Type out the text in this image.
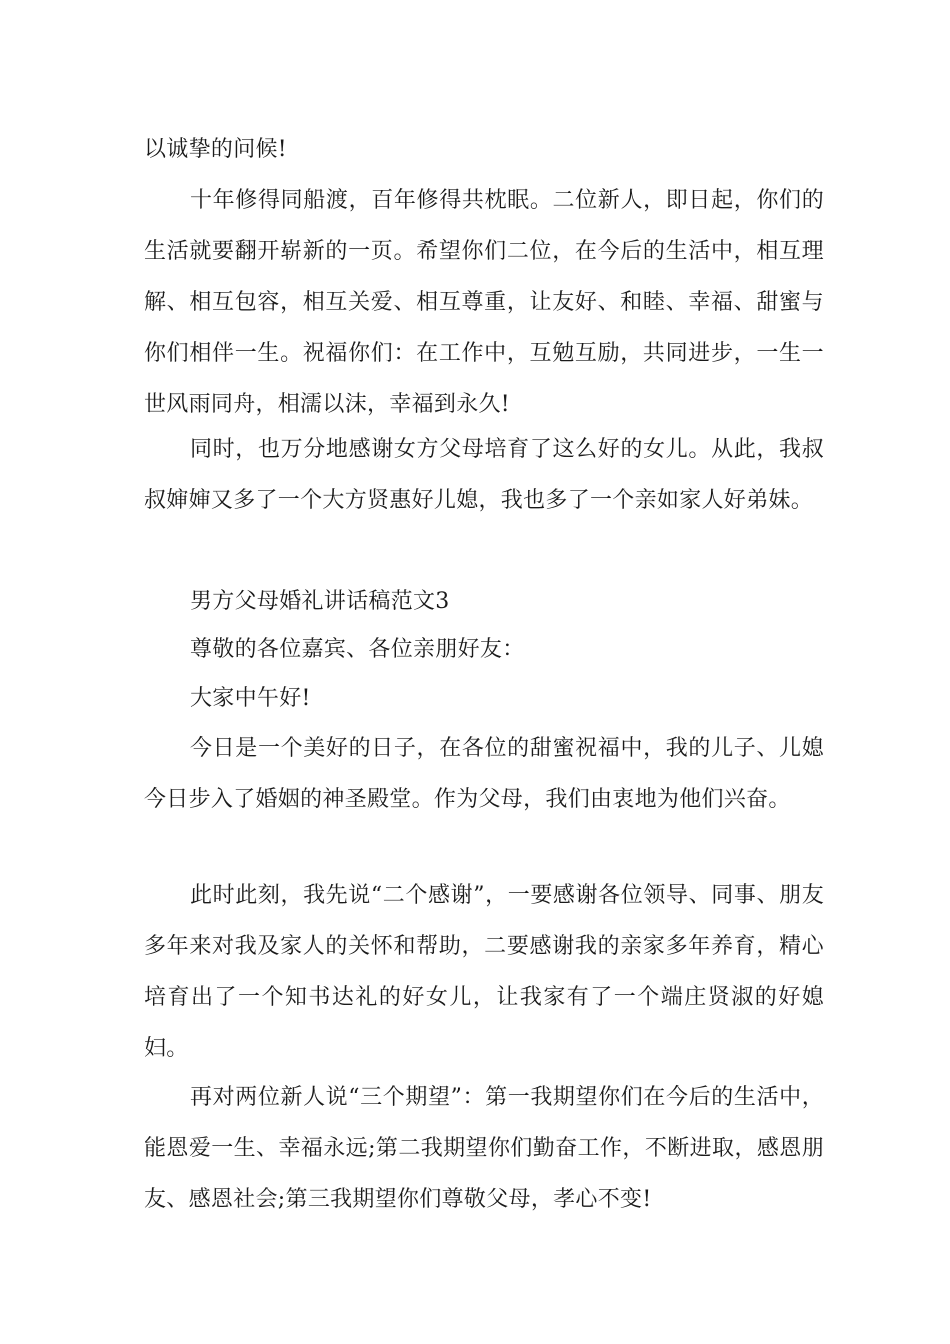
以诚挚的问候!

十年修得同船渡，百年修得共枕眠。二位新人，即日起，你们的生活就要翻开崭新的一页。希望你们二位，在今后的生活中，相互理解、相互包容，相互关爱、相互尊重，让友好、和睦、幸福、甜蜜与你们相伴一生。祝福你们：在工作中，互勉互励，共同进步，一生一世风雨同舟，相濡以沫，幸福到永久!

同时，也万分地感谢女方父母培育了这么好的女儿。从此，我叔叔婶婶又多了一个大方贤惠好儿媳，我也多了一个亲如家人好弟妹。

男方父母婚礼讲话稿范文3

尊敬的各位嘉宾、各位亲朋好友：

大家中午好!

今日是一个美好的日子，在各位的甜蜜祝福中，我的儿子、儿媳今日步入了婚姻的神圣殿堂。作为父母，我们由衷地为他们兴奋。

此时此刻，我先说“二个感谢”，一要感谢各位领导、同事、朋友多年来对我及家人的关怀和帮助，二要感谢我的亲家多年养育，精心培育出了一个知书达礼的好女儿，让我家有了一个端庄贤淑的好媳妇。

再对两位新人说“三个期望”：第一我期望你们在今后的生活中，能恩爱一生、幸福永远;第二我期望你们勤奋工作，不断进取，感恩朋友、感恩社会;第三我期望你们尊敬父母，孝心不变!
